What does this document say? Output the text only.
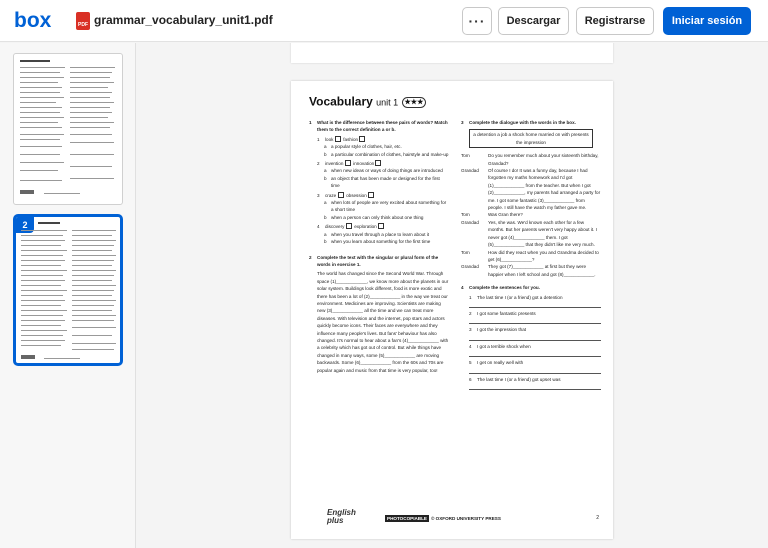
box	PDF grammar_vocabulary_unit1.pdf	···	Descargar	Registrarse	Iniciar sesión
2
Vocabulary unit 1 ★★★
1	What is the difference between these pairs of words? Match them to the correct definition a or b.
1	look

fashion

a a popular style of clothes, hair, etc.
b a particular combination of clothes, hairstyle and make-up
2	invention

innovation

a when new ideas or ways of doing things are introduced
b an object that has been made or designed for the first time
3	craze

obsession

a when lots of people are very excited about something for a short time
b when a person can only think about one thing
4	discovery

exploration

a when you travel through a place to learn about it
b when you learn about something for the first time
2	Complete the text with the singular or plural form of the words in exercise 1.
The world has changed since the Second World War. Through space (1)____________, we know more about the planets in our solar system. Buildings look different, food is more exotic and there has been a lot of (2)____________ in the way we treat our environment. Medicines are improving. Scientists are making new (3)____________ all the time and we can treat more diseases. With television and the internet, pop stars and actors quickly become icons. Their faces are everywhere and they influence many people's lives. But fans' behaviour has also changed. It's normal to hear about a fan's (4)____________ with a celebrity which has got out of control. But while things have changed in many ways, some (5)____________ are moving backwards. Some (6)____________ from the 60s and 70s are popular again and music from that time is very popular, too!
3	Complete the dialogue with the words in the box.
a detention a job a shock home married on with presents the impression
Tom	Do you remember much about your sixteenth birthday, Grandad?
Grandad	Of course I do! It was a funny day, because I had forgotten my maths homework and I'd got (1)____________ from the teacher. But when I got (2)____________, my parents had arranged a party for me. I got some fantastic (3)____________ from people. I still have the watch my father gave me.
Tom	Was Gran there?
Grandad	Yes, she was. We'd known each other for a few months. But her parents weren't very happy about it. I never got (4)____________ them. I got (5)____________ that they didn't like me very much.
Tom	How did they react when you and Grandma decided to get (6)____________?
Grandad	They got (7)____________ at first but they were happier when I left school and got (8)____________.
4	Complete the sentences for you.
1	The last time I (or a friend) got a detention
2	I got some fantastic presents
3	I got the impression that
4	I got a terrible shock when
5	I get on really well with
6	The last time I (or a friend) got upset was
English plus	PHOTOCOPIABLE © OXFORD UNIVERSITY PRESS	2
